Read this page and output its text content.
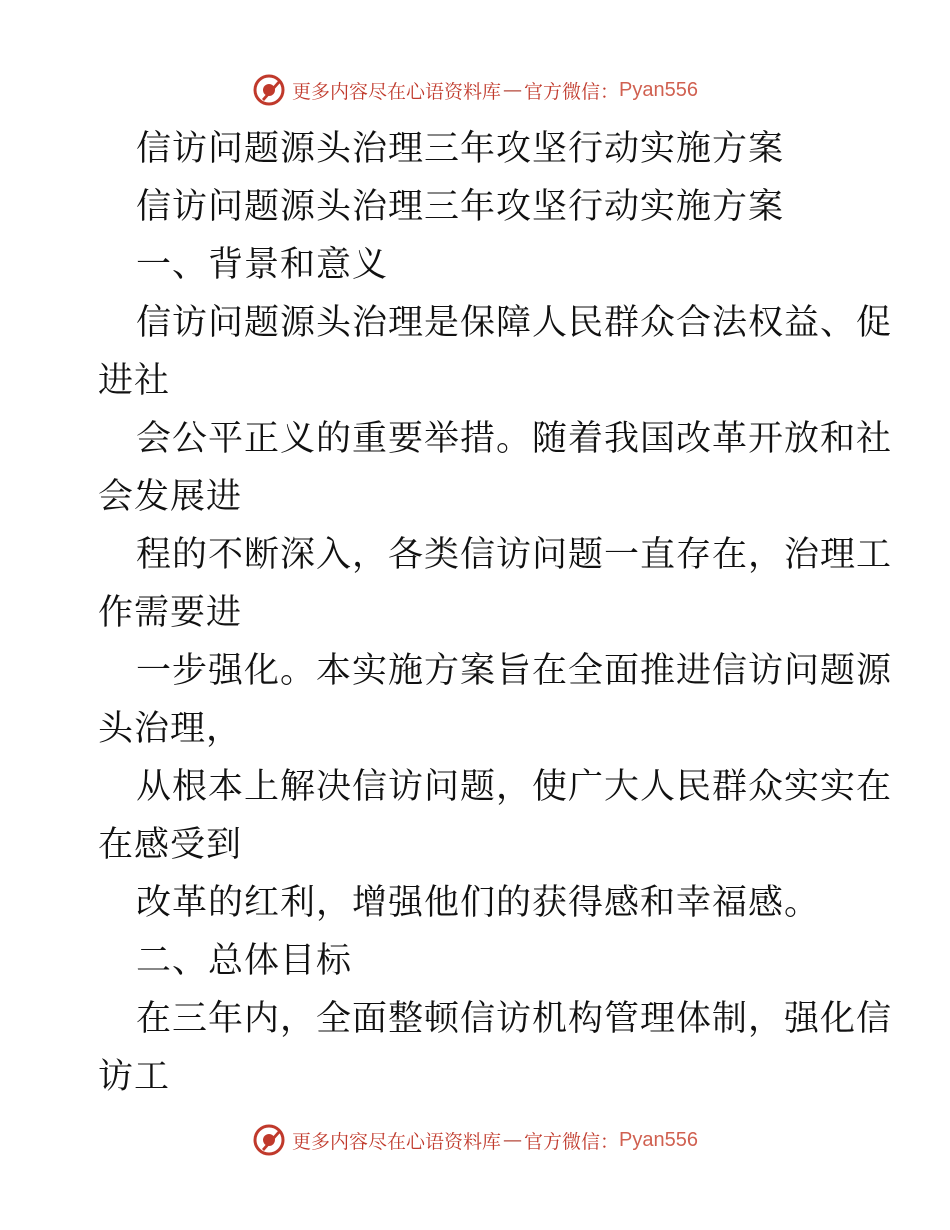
更多内容尽在心语资料库 — 官方微信： Pyan556
信访问题源头治理三年攻坚行动实施方案
信访问题源头治理三年攻坚行动实施方案
一、背景和意义
信访问题源头治理是保障人民群众合法权益、促
进社
会公平正义的重要举措。随着我国改革开放和社
会发展进
程的不断深入，各类信访问题一直存在，治理工
作需要进
一步强化。本实施方案旨在全面推进信访问题源
头治理，
从根本上解决信访问题，使广大人民群众实实在
在感受到
改革的红利，增强他们的获得感和幸福感。
二、总体目标
在三年内，全面整顿信访机构管理体制，强化信
访工
更多内容尽在心语资料库 — 官方微信： Pyan556
